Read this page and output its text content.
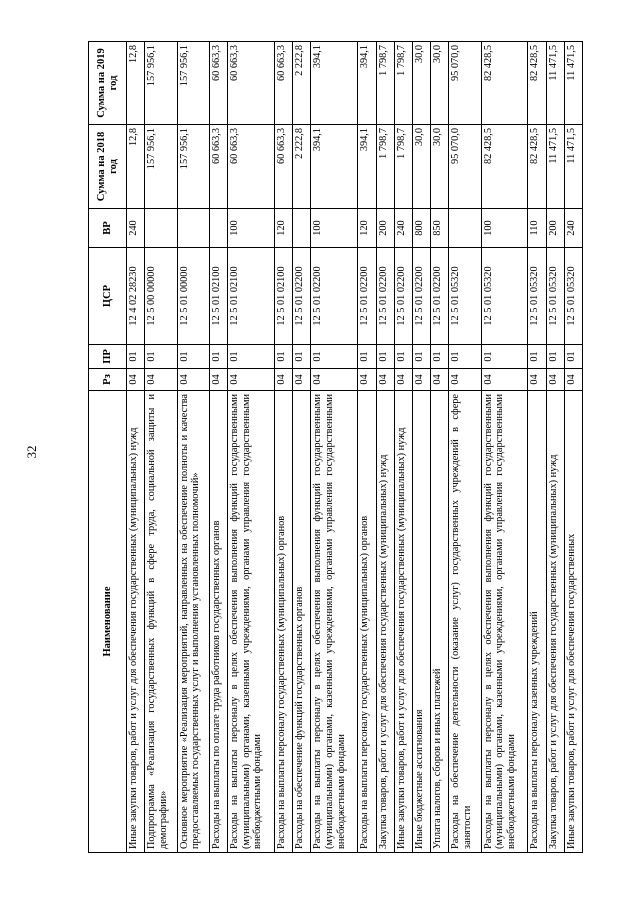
32
Наименование	Рз	ПР	ЦСР	ВР	Сумма на 2018 год	Сумма на 2019 год
Иные закупки товаров, работ и услуг для обеспечения государственных (муниципальных) нужд	04	01	12 4 02 28230	240	12,8	12,8
Подпрограмма «Реализация государственных функций в сфере труда, социальной защиты и демографии»	04	01	12 5 00 00000		157 956,1	157 956,1
Основное мероприятие «Реализация мероприятий, направленных на обеспечение полноты и качества предоставляемых государственных услуг и выполнения установленных полномочий»	04	01	12 5 01 00000		157 956,1	157 956,1
Расходы на выплаты по оплате труда работников государственных органов	04	01	12 5 01 02100		60 663,3	60 663,3
Расходы на выплаты персоналу в целях обеспечения выполнения функций государственными (муниципальными) органами, казенными учреждениями, органами управления государственными внебюджетными фондами	04	01	12 5 01 02100	100	60 663,3	60 663,3
Расходы на выплаты персоналу государственных (муниципальных) органов	04	01	12 5 01 02100	120	60 663,3	60 663,3
Расходы на обеспечение функций государственных органов	04	01	12 5 01 02200		2 222,8	2 222,8
Расходы на выплаты персоналу в целях обеспечения выполнения функций государственными (муниципальными) органами, казенными учреждениями, органами управления государственными внебюджетными фондами	04	01	12 5 01 02200	100	394,1	394,1
Расходы на выплаты персоналу государственных (муниципальных) органов	04	01	12 5 01 02200	120	394,1	394,1
Закупка товаров, работ и услуг для обеспечения государственных (муниципальных) нужд	04	01	12 5 01 02200	200	1 798,7	1 798,7
Иные закупки товаров, работ и услуг для обеспечения государственных (муниципальных) нужд	04	01	12 5 01 02200	240	1 798,7	1 798,7
Иные бюджетные ассигнования	04	01	12 5 01 02200	800	30,0	30,0
Уплата налогов, сборов и иных платежей	04	01	12 5 01 02200	850	30,0	30,0
Расходы на обеспечение деятельности (оказание услуг) государственных учреждений в сфере занятости	04	01	12 5 01 05320		95 070,0	95 070,0
Расходы на выплаты персоналу в целях обеспечения выполнения функций государственными (муниципальными) органами, казенными учреждениями, органами управления государственными внебюджетными фондами	04	01	12 5 01 05320	100	82 428,5	82 428,5
Расходы на выплаты персоналу казенных учреждений	04	01	12 5 01 05320	110	82 428,5	82 428,5
Закупка товаров, работ и услуг для обеспечения государственных (муниципальных) нужд	04	01	12 5 01 05320	200	11 471,5	11 471,5
Иные закупки товаров, работ и услуг для обеспечения государственных	04	01	12 5 01 05320	240	11 471,5	11 471,5
